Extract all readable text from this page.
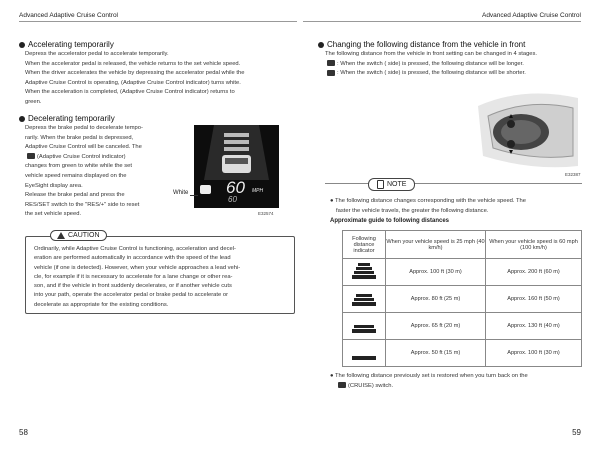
Advanced Adaptive Cruise Control	Advanced Adaptive Cruise Control
Accelerating temporarily
Depress the accelerator pedal to accelerate temporarily.
When the accelerator pedal is released, the vehicle returns to the set vehicle speed.
When the driver accelerates the vehicle by depressing the accelerator pedal while the
Adaptive Cruise Control is operating, (Adaptive Cruise Control indicator) turns white.
When the acceleration is completed, (Adaptive Cruise Control indicator) returns to
green.
Decelerating temporarily
Depress the brake pedal to decelerate tempo-
rarily. When the brake pedal is depressed,
Adaptive Cruise Control will be canceled. The
(Adaptive Cruise Control indicator)
changes from green to white while the set
vehicle speed remains displayed on the
EyeSight display area.
Release the brake pedal and press the
RES/SET switch to the "RES/+" side to reset
the set vehicle speed.
60 MPH
60
White
E32574
CAUTION
Ordinarily, while Adaptive Cruise Control is functioning, acceleration and decel-
eration are performed automatically in accordance with the speed of the lead
vehicle (if one is detected). However, when your vehicle approaches a lead vehi-
cle, for example if it is necessary to accelerate for a lane change or other rea-
son, and if the vehicle in front suddenly decelerates, or if another vehicle cuts
into your path, operate the accelerator pedal or brake pedal to accelerate or
decelerate as appropriate for the existing conditions.
58
Changing the following distance from the vehicle in front
The following distance from the vehicle in front setting can be changed in 4 stages.
: When the switch ( side) is pressed, the following distance will be longer.
: When the switch ( side) is pressed, the following distance will be shorter.
E32387
NOTE
● The following distance changes corresponding with the vehicle speed. The
faster the vehicle travels, the greater the following distance.
Approximate guide to following distances
Following distance indicator	When your vehicle speed is 25 mph (40 km/h)	When your vehicle speed is 60 mph (100 km/h)
	Approx. 100 ft (30 m)	Approx. 200 ft (60 m)
	Approx. 80 ft (25 m)	Approx. 160 ft (50 m)
	Approx. 65 ft (20 m)	Approx. 130 ft (40 m)
	Approx. 50 ft (15 m)	Approx. 100 ft (30 m)
● The following distance previously set is restored when you turn back on the
(CRUISE) switch.
59
